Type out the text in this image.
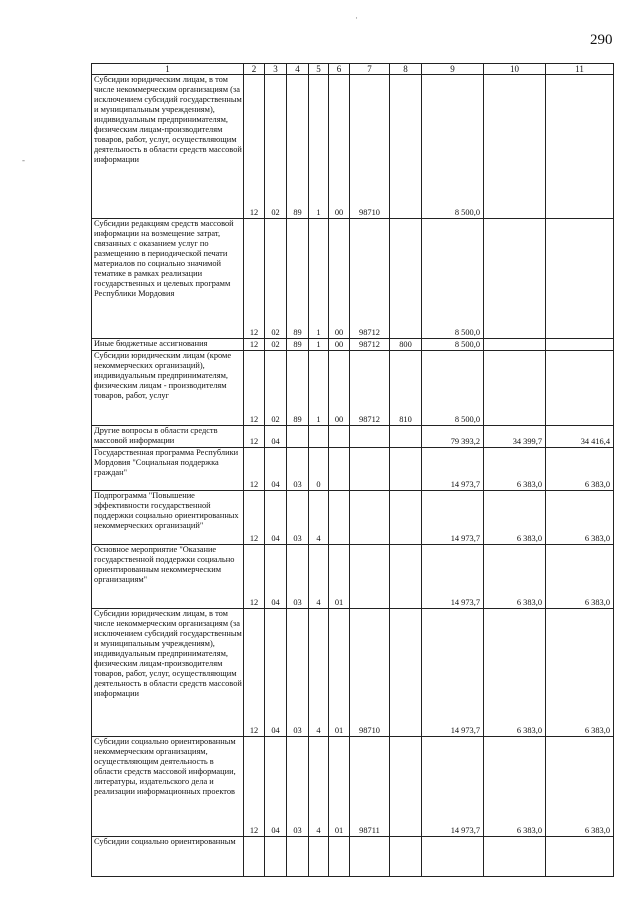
290
·
-
1	2	3	4	5	6	7	8	9	10	11
Субсидии юридическим лицам, в том числе некоммерческим организациям (за исключением субсидий государственным и муниципальным учреждениям), индивидуальным предпринимателям, физическим лицам-производителям товаров, работ, услуг, осуществляющим деятельность в области средств массовой информации	12	02	89	1	00	98710		8 500,0		
Субсидии редакциям средств массовой информации на возмещение затрат, связанных с оказанием услуг по размещению в периодической печати материалов по социально значимой тематике в рамках реализации государственных и целевых программ Республики Мордовия	12	02	89	1	00	98712		8 500,0		
Иные бюджетные ассигнования	12	02	89	1	00	98712	800	8 500,0		
Субсидии юридическим лицам (кроме некоммерческих организаций), индивидуальным предпринимателям, физическим лицам - производителям товаров, работ, услуг	12	02	89	1	00	98712	810	8 500,0		
Другие вопросы в области средств массовой информации	12	04						79 393,2	34 399,7	34 416,4
Государственная программа Республики Мордовия "Социальная поддержка граждан"	12	04	03	0				14 973,7	6 383,0	6 383,0
Подпрограмма "Повышение эффективности государственной поддержки социально ориентированных некоммерческих организаций"	12	04	03	4				14 973,7	6 383,0	6 383,0
Основное мероприятие "Оказание государственной поддержки социально ориентированным некоммерческим организациям"	12	04	03	4	01			14 973,7	6 383,0	6 383,0
Субсидии юридическим лицам, в том числе некоммерческим организациям (за исключением субсидий государственным и муниципальным учреждениям), индивидуальным предпринимателям, физическим лицам-производителям товаров, работ, услуг, осуществляющим деятельность в области средств массовой информации	12	04	03	4	01	98710		14 973,7	6 383,0	6 383,0
Субсидии социально ориентированным некоммерческим организациям, осуществляющим деятельность в области средств массовой информации, литературы, издательского дела и реализации информационных проектов	12	04	03	4	01	98711		14 973,7	6 383,0	6 383,0
Субсидии социально ориентированным										
